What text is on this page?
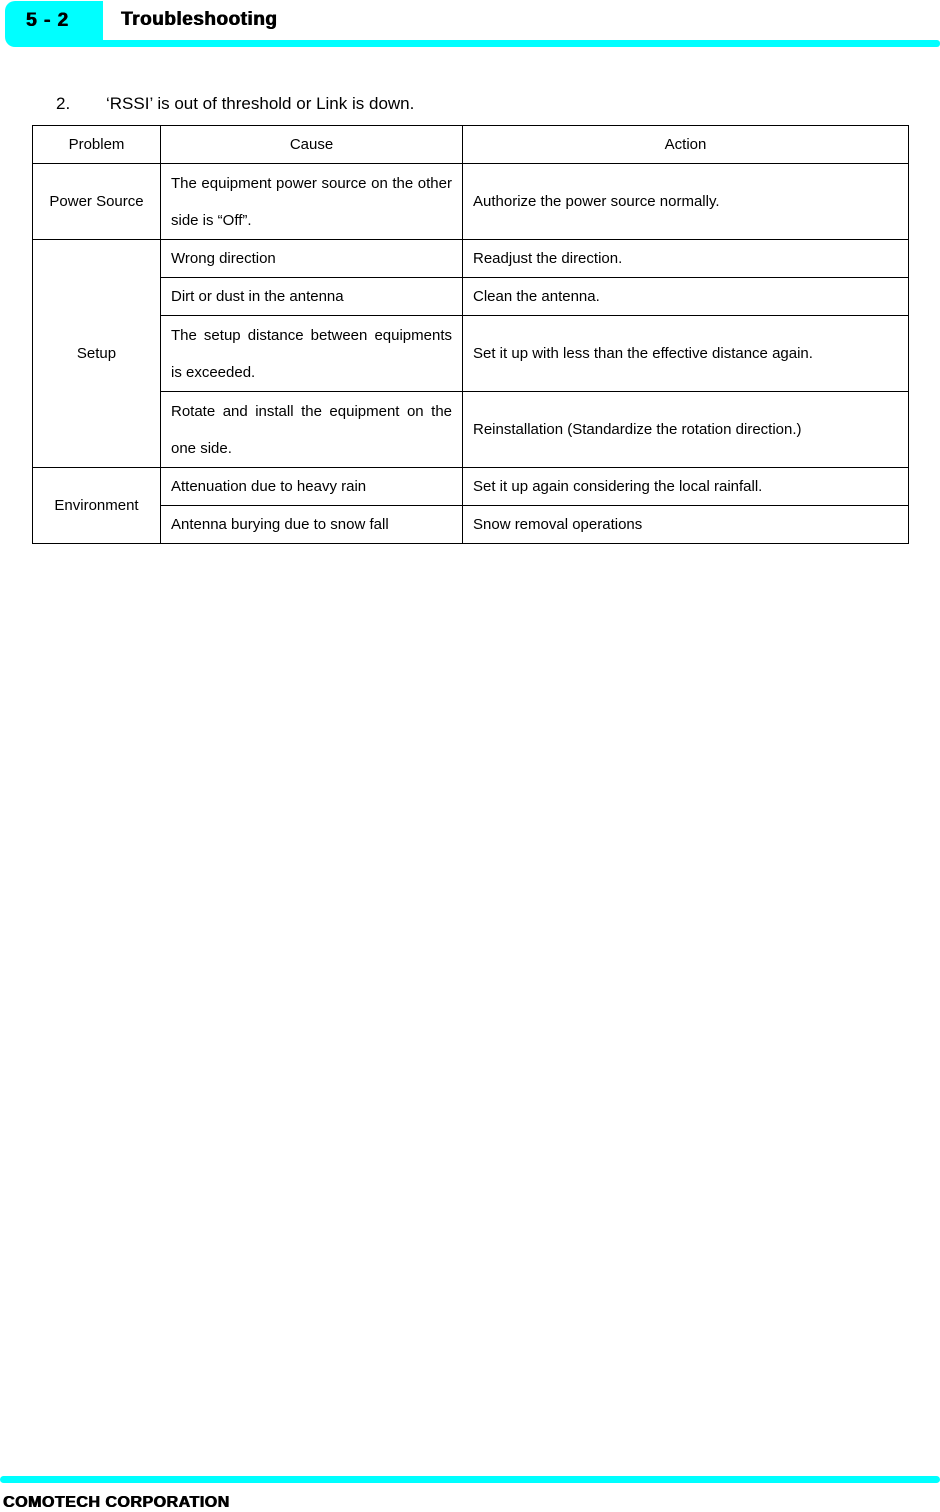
5 - 2	Troubleshooting
2. ‘RSSI’ is out of threshold or Link is down.
Problem	Cause	Action
Power Source	The equipment power source on the other side is “Off”.	Authorize the power source normally.
Setup	Wrong direction	Readjust the direction.
	Dirt or dust in the antenna	Clean the antenna.
	The setup distance between equipments is exceeded.	Set it up with less than the effective distance again.
	Rotate and install the equipment on the one side.	Reinstallation (Standardize the rotation direction.)
Environment	Attenuation due to heavy rain	Set it up again considering the local rainfall.
	Antenna burying due to snow fall	Snow removal operations
COMOTECH CORPORATION
